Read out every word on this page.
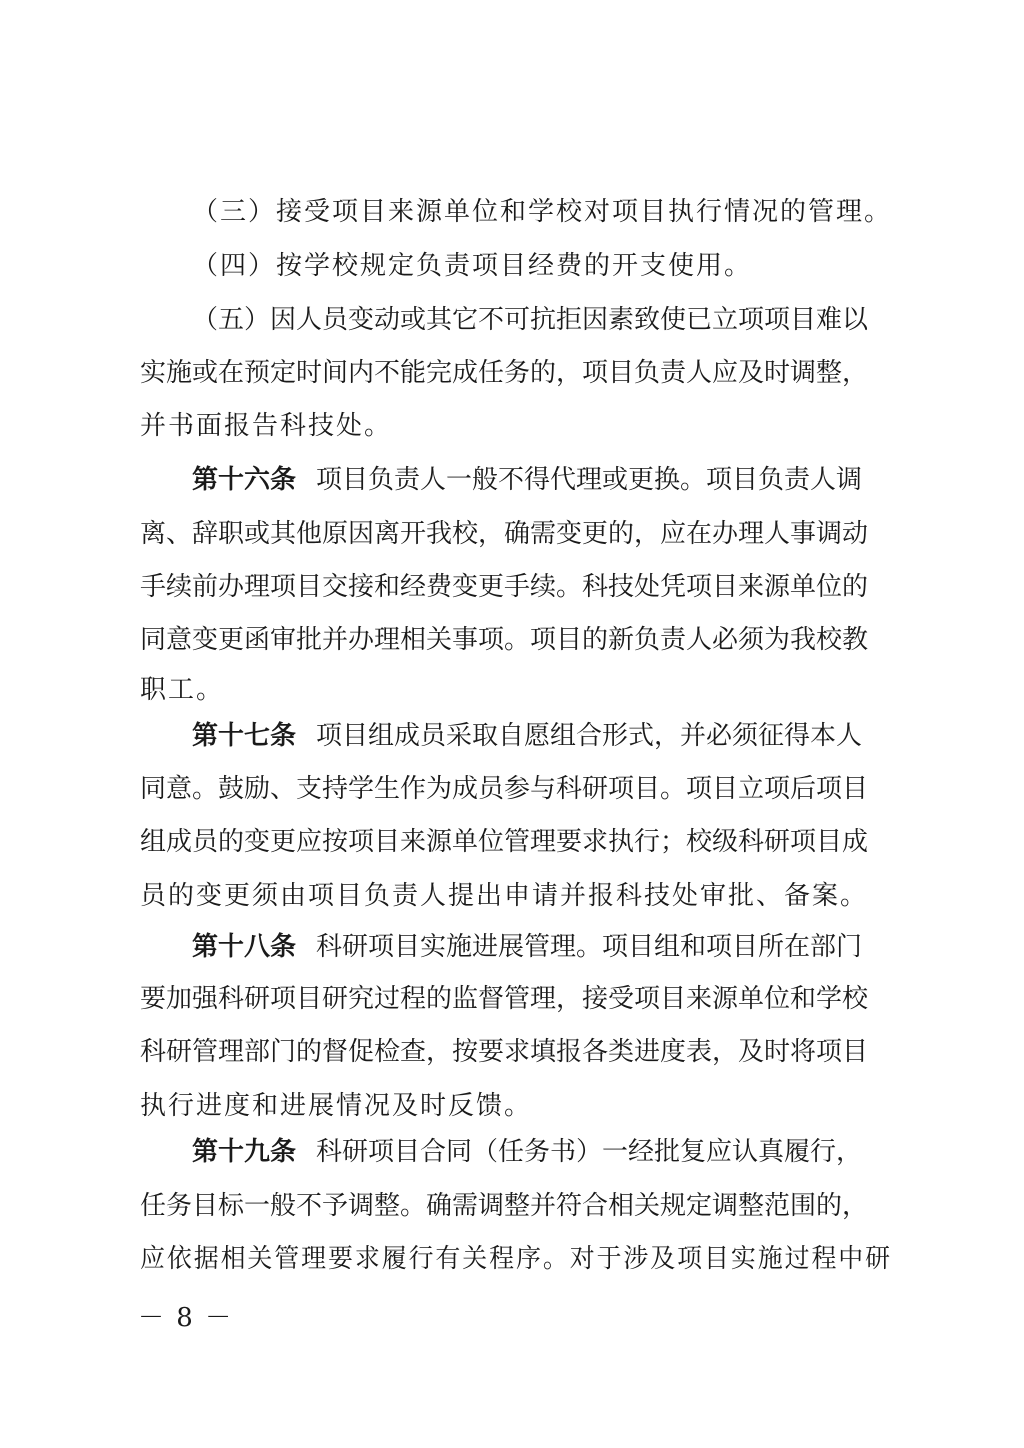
（三）接受项目来源单位和学校对项目执行情况的管理。
（四）按学校规定负责项目经费的开支使用。
（五）因人员变动或其它不可抗拒因素致使已立项项目难以
实施或在预定时间内不能完成任务的，项目负责人应及时调整，
并书面报告科技处。
第十六条 项目负责人一般不得代理或更换。项目负责人调
离、辞职或其他原因离开我校，确需变更的，应在办理人事调动
手续前办理项目交接和经费变更手续。科技处凭项目来源单位的
同意变更函审批并办理相关事项。项目的新负责人必须为我校教
职工。
第十七条 项目组成员采取自愿组合形式，并必须征得本人
同意。鼓励、支持学生作为成员参与科研项目。项目立项后项目
组成员的变更应按项目来源单位管理要求执行；校级科研项目成
员的变更须由项目负责人提出申请并报科技处审批、备案。
第十八条 科研项目实施进展管理。项目组和项目所在部门
要加强科研项目研究过程的监督管理，接受项目来源单位和学校
科研管理部门的督促检查，按要求填报各类进度表，及时将项目
执行进度和进展情况及时反馈。
第十九条 科研项目合同（任务书）一经批复应认真履行，
任务目标一般不予调整。确需调整并符合相关规定调整范围的，
应依据相关管理要求履行有关程序。对于涉及项目实施过程中研
－ 8 －
